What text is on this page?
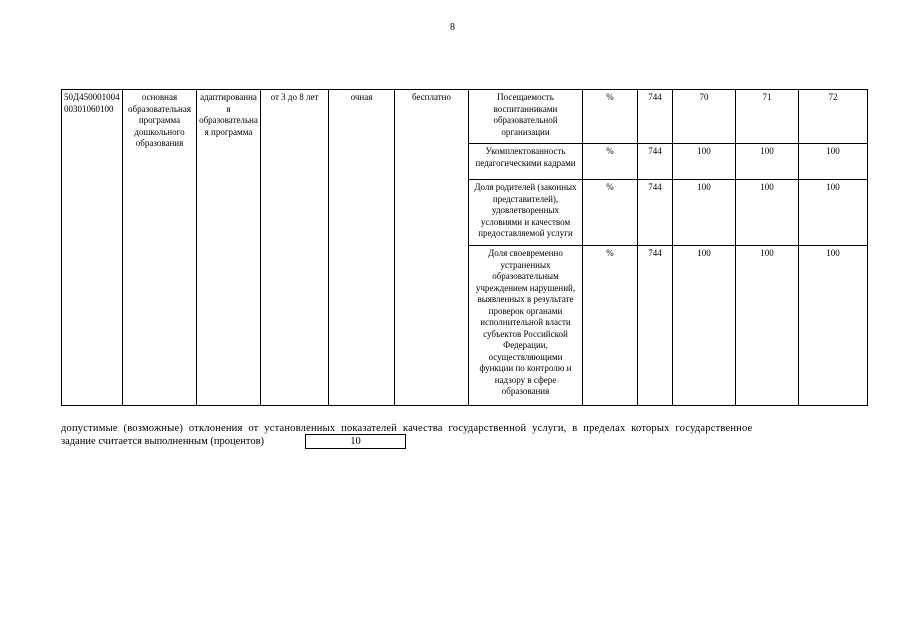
8
50Д45000100400301060100	основная образовательная программа дошкольного образования	адаптированная образовательная программа	от 3 до 8 лет	очная	бесплатно	Посещаемость воспитанниками образовательной организации	%	744	70	71	72
						Укомплектованность педагогическими кадрами	%	744	100	100	100
						Доля родителей (законных представителей), удовлетворенных условиями и качеством предоставляемой услуги	%	744	100	100	100
						Доля своевременно устраненных образовательным учреждением нарушений, выявленных в результате проверок органами исполнительной власти субъектов Российской Федерации, осуществляющими функции по контролю и надзору в сфере образования	%	744	100	100	100
допустимые (возможные) отклонения от установленных показателей качества государственной услуги, в пределах которых государственное
задание считается выполненным (процентов)	10
